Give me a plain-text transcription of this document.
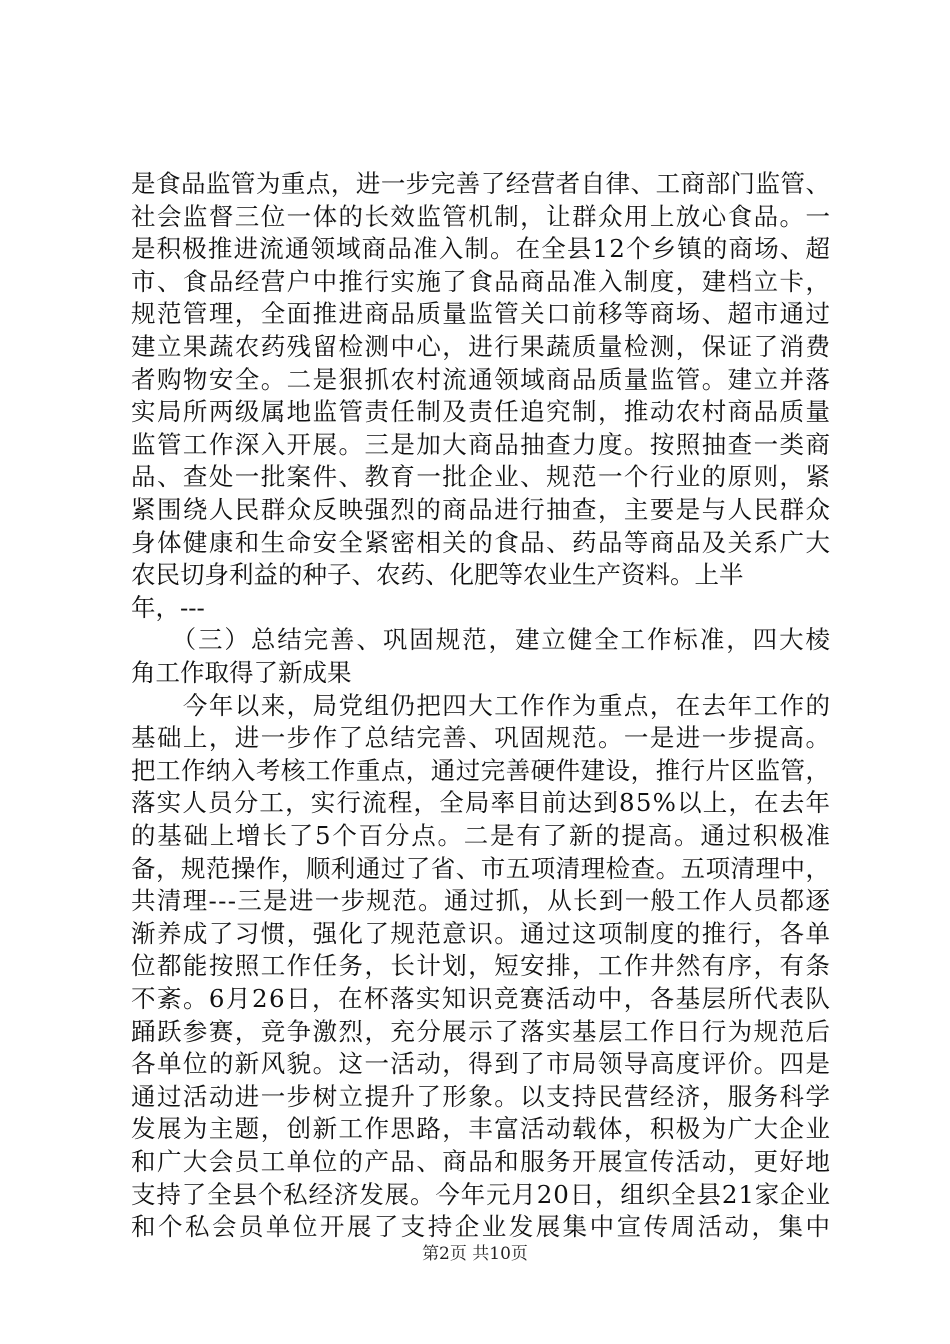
是食品监管为重点，进一步完善了经营者自律、工商部门监管、
社会监督三位一体的长效监管机制，让群众用上放心食品。一
是积极推进流通领域商品准入制。在全县12个乡镇的商场、超
市、食品经营户中推行实施了食品商品准入制度，建档立卡，
规范管理，全面推进商品质量监管关口前移等商场、超市通过
建立果蔬农药残留检测中心，进行果蔬质量检测，保证了消费
者购物安全。二是狠抓农村流通领域商品质量监管。建立并落
实局所两级属地监管责任制及责任追究制，推动农村商品质量
监管工作深入开展。三是加大商品抽查力度。按照抽查一类商
品、查处一批案件、教育一批企业、规范一个行业的原则，紧
紧围绕人民群众反映强烈的商品进行抽查，主要是与人民群众
身体健康和生命安全紧密相关的食品、药品等商品及关系广大
农民切身利益的种子、农药、化肥等农业生产资料。上半
年，---
　　（三）总结完善、巩固规范，建立健全工作标准，四大棱
角工作取得了新成果
　　今年以来，局党组仍把四大工作作为重点，在去年工作的
基础上，进一步作了总结完善、巩固规范。一是进一步提高。
把工作纳入考核工作重点，通过完善硬件建设，推行片区监管，
落实人员分工，实行流程，全局率目前达到85%以上，在去年
的基础上增长了5个百分点。二是有了新的提高。通过积极准
备，规范操作，顺利通过了省、市五项清理检查。五项清理中，
共清理---三是进一步规范。通过抓，从长到一般工作人员都逐
渐养成了习惯，强化了规范意识。通过这项制度的推行，各单
位都能按照工作任务，长计划，短安排，工作井然有序，有条
不紊。6月26日，在杯落实知识竞赛活动中，各基层所代表队
踊跃参赛，竞争激烈，充分展示了落实基层工作日行为规范后
各单位的新风貌。这一活动，得到了市局领导高度评价。四是
通过活动进一步树立提升了形象。以支持民营经济，服务科学
发展为主题，创新工作思路，丰富活动载体，积极为广大企业
和广大会员工单位的产品、商品和服务开展宣传活动，更好地
支持了全县个私经济发展。今年元月20日，组织全县21家企业
和个私会员单位开展了支持企业发展集中宣传周活动，集中
第2页 共10页
